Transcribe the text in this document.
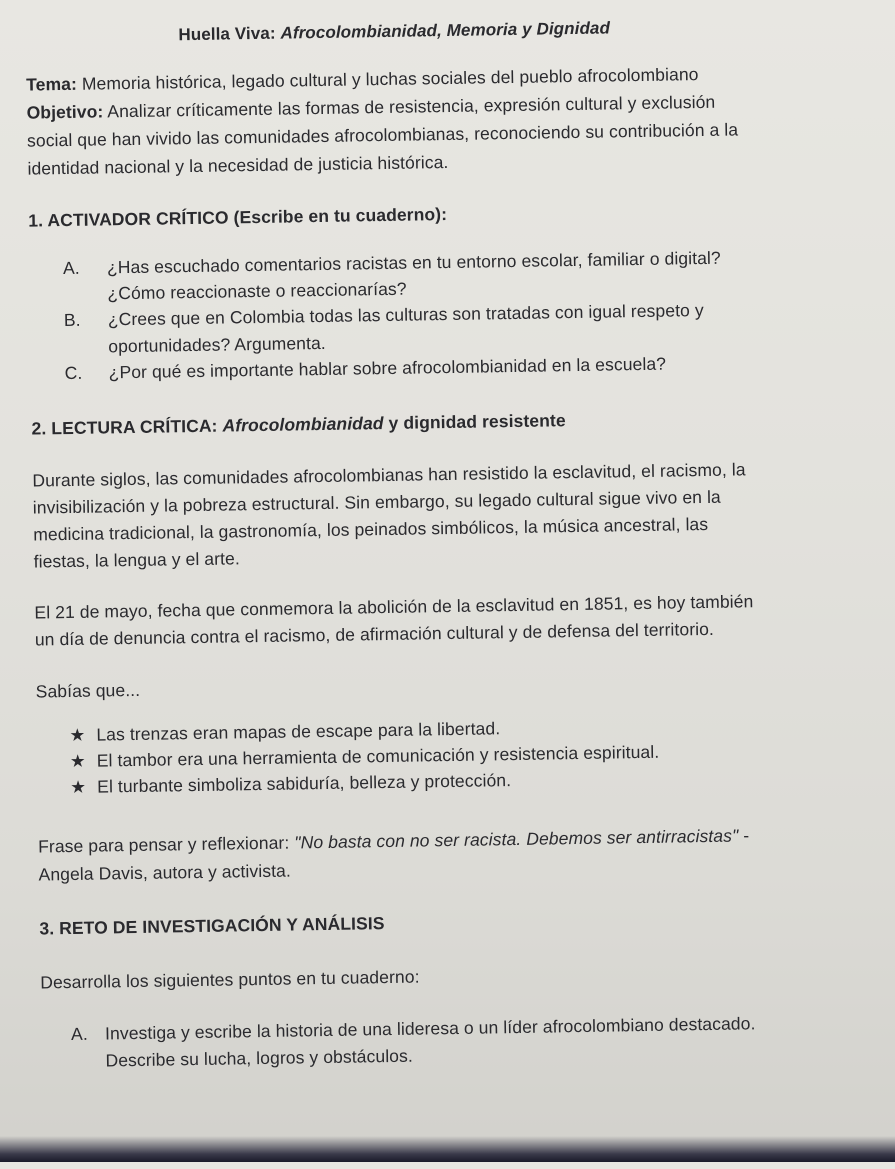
Huella Viva: Afrocolombianidad, Memoria y Dignidad
Tema: Memoria histórica, legado cultural y luchas sociales del pueblo afrocolombiano
Objetivo: Analizar críticamente las formas de resistencia, expresión cultural y exclusión
social que han vivido las comunidades afrocolombianas, reconociendo su contribución a la
identidad nacional y la necesidad de justicia histórica.
1. ACTIVADOR CRÍTICO (Escribe en tu cuaderno):
A. ¿Has escuchado comentarios racistas en tu entorno escolar, familiar o digital?
¿Cómo reaccionaste o reaccionarías?
B. ¿Crees que en Colombia todas las culturas son tratadas con igual respeto y
oportunidades? Argumenta.
C. ¿Por qué es importante hablar sobre afrocolombianidad en la escuela?
2. LECTURA CRÍTICA: Afrocolombianidad y dignidad resistente
Durante siglos, las comunidades afrocolombianas han resistido la esclavitud, el racismo, la
invisibilización y la pobreza estructural. Sin embargo, su legado cultural sigue vivo en la
medicina tradicional, la gastronomía, los peinados simbólicos, la música ancestral, las
fiestas, la lengua y el arte.
El 21 de mayo, fecha que conmemora la abolición de la esclavitud en 1851, es hoy también
un día de denuncia contra el racismo, de afirmación cultural y de defensa del territorio.
Sabías que...
★ Las trenzas eran mapas de escape para la libertad.
★ El tambor era una herramienta de comunicación y resistencia espiritual.
★ El turbante simboliza sabiduría, belleza y protección.
Frase para pensar y reflexionar: "No basta con no ser racista. Debemos ser antirracistas" -
Angela Davis, autora y activista.
3. RETO DE INVESTIGACIÓN Y ANÁLISIS
Desarrolla los siguientes puntos en tu cuaderno:
A. Investiga y escribe la historia de una lideresa o un líder afrocolombiano destacado.
Describe su lucha, logros y obstáculos.
